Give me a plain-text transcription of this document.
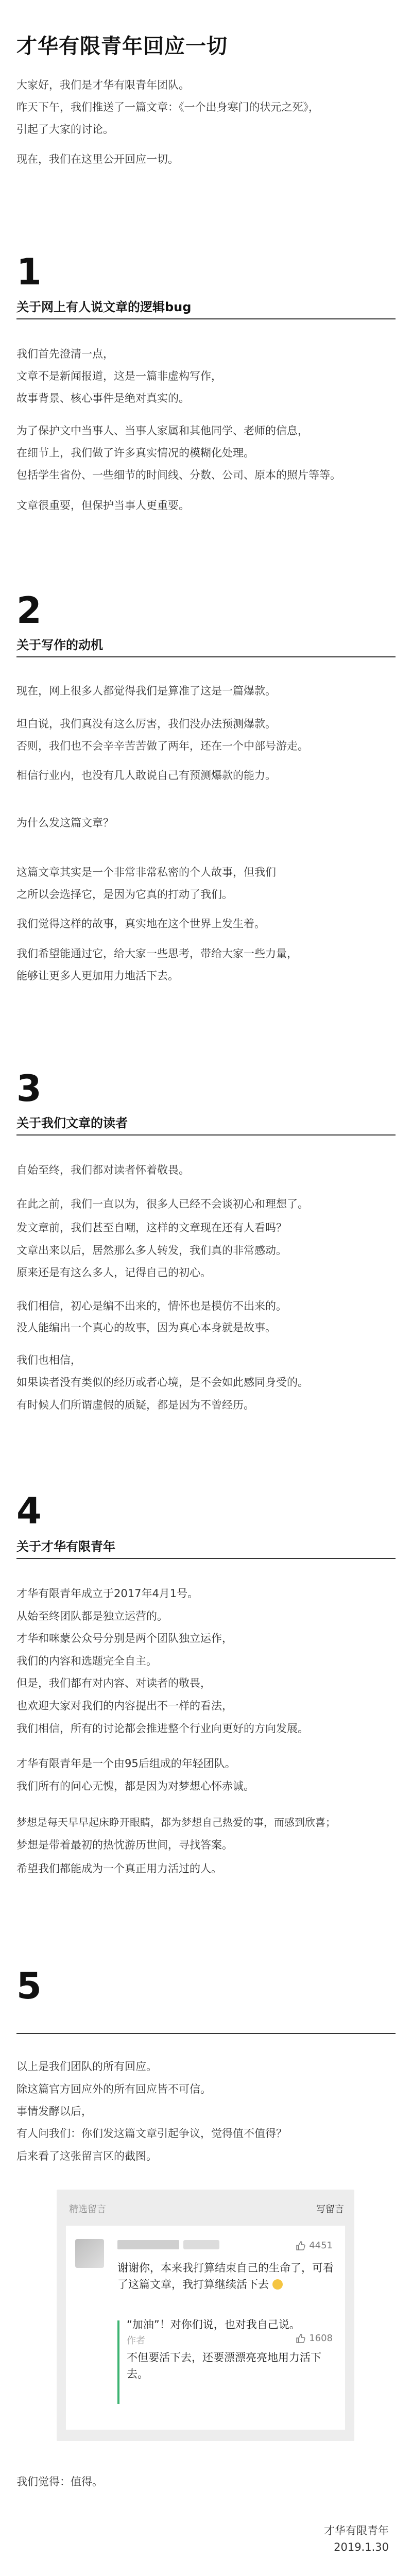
才华有限青年回应一切
大家好，我们是才华有限青年团队。
昨天下午，我们推送了一篇文章：《一个出身寒门的状元之死》，
引起了大家的讨论。
现在，我们在这里公开回应一切。
1
关于网上有人说文章的逻辑bug
我们首先澄清一点，
文章不是新闻报道，这是一篇非虚构写作，
故事背景、核心事件是绝对真实的。
为了保护文中当事人、当事人家属和其他同学、老师的信息，
在细节上，我们做了许多真实情况的模糊化处理。
包括学生省份、一些细节的时间线、分数、公司、原本的照片等等。
文章很重要，但保护当事人更重要。
2
关于写作的动机
现在，网上很多人都觉得我们是算准了这是一篇爆款。
坦白说，我们真没有这么厉害，我们没办法预测爆款。
否则，我们也不会辛辛苦苦做了两年，还在一个中部号游走。
相信行业内，也没有几人敢说自己有预测爆款的能力。
为什么发这篇文章？
这篇文章其实是一个非常非常私密的个人故事，但我们
之所以会选择它，是因为它真的打动了我们。
我们觉得这样的故事，真实地在这个世界上发生着。
我们希望能通过它，给大家一些思考，带给大家一些力量，
能够让更多人更加用力地活下去。
3
关于我们文章的读者
自始至终，我们都对读者怀着敬畏。
在此之前，我们一直以为，很多人已经不会谈初心和理想了。
发文章前，我们甚至自嘲，这样的文章现在还有人看吗？
文章出来以后，居然那么多人转发，我们真的非常感动。
原来还是有这么多人，记得自己的初心。
我们相信，初心是编不出来的，情怀也是模仿不出来的。
没人能编出一个真心的故事，因为真心本身就是故事。
我们也相信，
如果读者没有类似的经历或者心境，是不会如此感同身受的。
有时候人们所谓虚假的质疑，都是因为不曾经历。
4
关于才华有限青年
才华有限青年成立于2017年4月1号。
从始至终团队都是独立运营的。
才华和咪蒙公众号分别是两个团队独立运作，
我们的内容和选题完全自主。
但是，我们都有对内容、对读者的敬畏，
也欢迎大家对我们的内容提出不一样的看法，
我们相信，所有的讨论都会推进整个行业向更好的方向发展。
才华有限青年是一个由95后组成的年轻团队。
我们所有的问心无愧，都是因为对梦想心怀赤诚。
梦想是每天早早起床睁开眼睛，都为梦想自己热爱的事，而感到欣喜；
梦想是带着最初的热忱游历世间，寻找答案。
希望我们都能成为一个真正用力活过的人。
5
以上是我们团队的所有回应。
除这篇官方回应外的所有回应皆不可信。
事情发酵以后，
有人问我们：你们发这篇文章引起争议，觉得值不值得？
后来看了这张留言区的截图。
精选留言	写留言
4451
谢谢你，本来我打算结束自己的生命了，可看了这篇文章，我打算继续活下去
“加油”！对你们说，也对我自己说。
作者
不但要活下去，还要漂漂亮亮地用力活下去。
1608
我们觉得：值得。
才华有限青年
2019.1.30
